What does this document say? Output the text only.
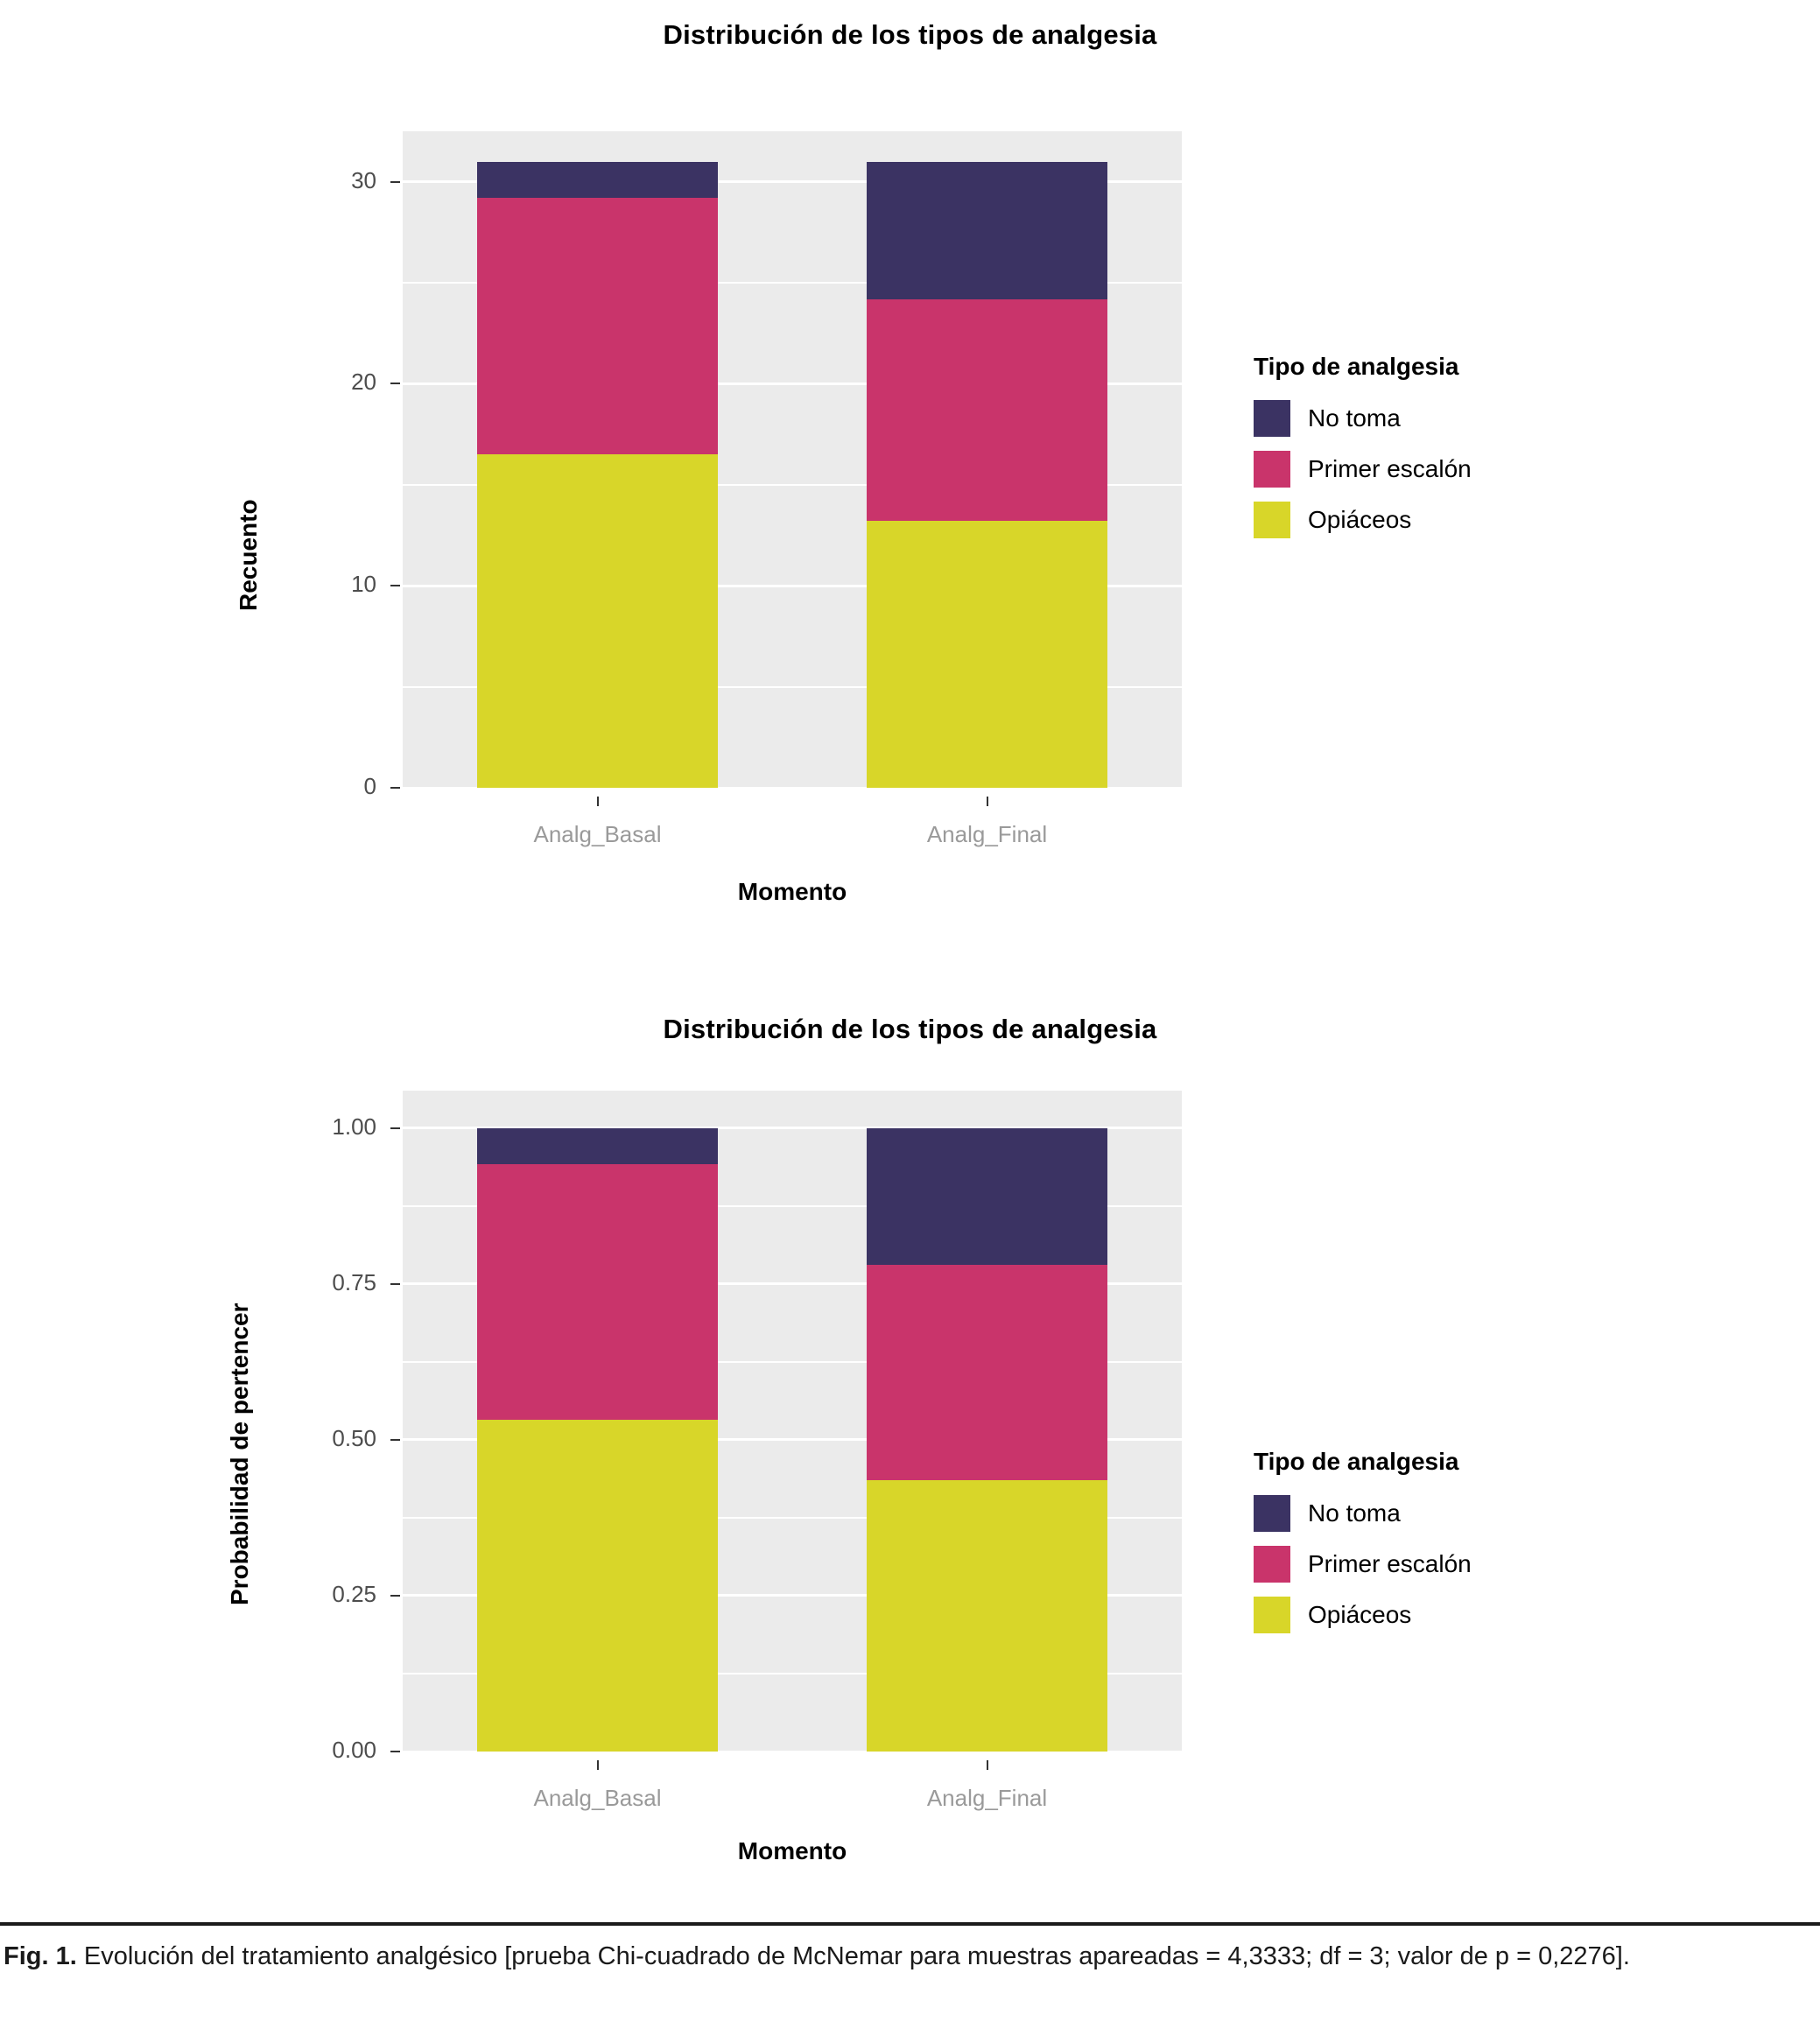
Distribución de los tipos de analgesia
Recuento
Momento
Tipo de analgesia
No toma
Primer escalón
Opiáceos
Analg_Basal	Analg_Final
0
10
20
30
Distribución de los tipos de analgesia
Probabilidad de pertencer
Momento
Tipo de analgesia
No toma
Primer escalón
Opiáceos
Analg_Basal	Analg_Final
0.00
0.25
0.50
0.75
1.00
Fig. 1. Evolución del tratamiento analgésico [prueba Chi-cuadrado de McNemar para muestras apareadas = 4,3333; df = 3; valor de p = 0,2276].
